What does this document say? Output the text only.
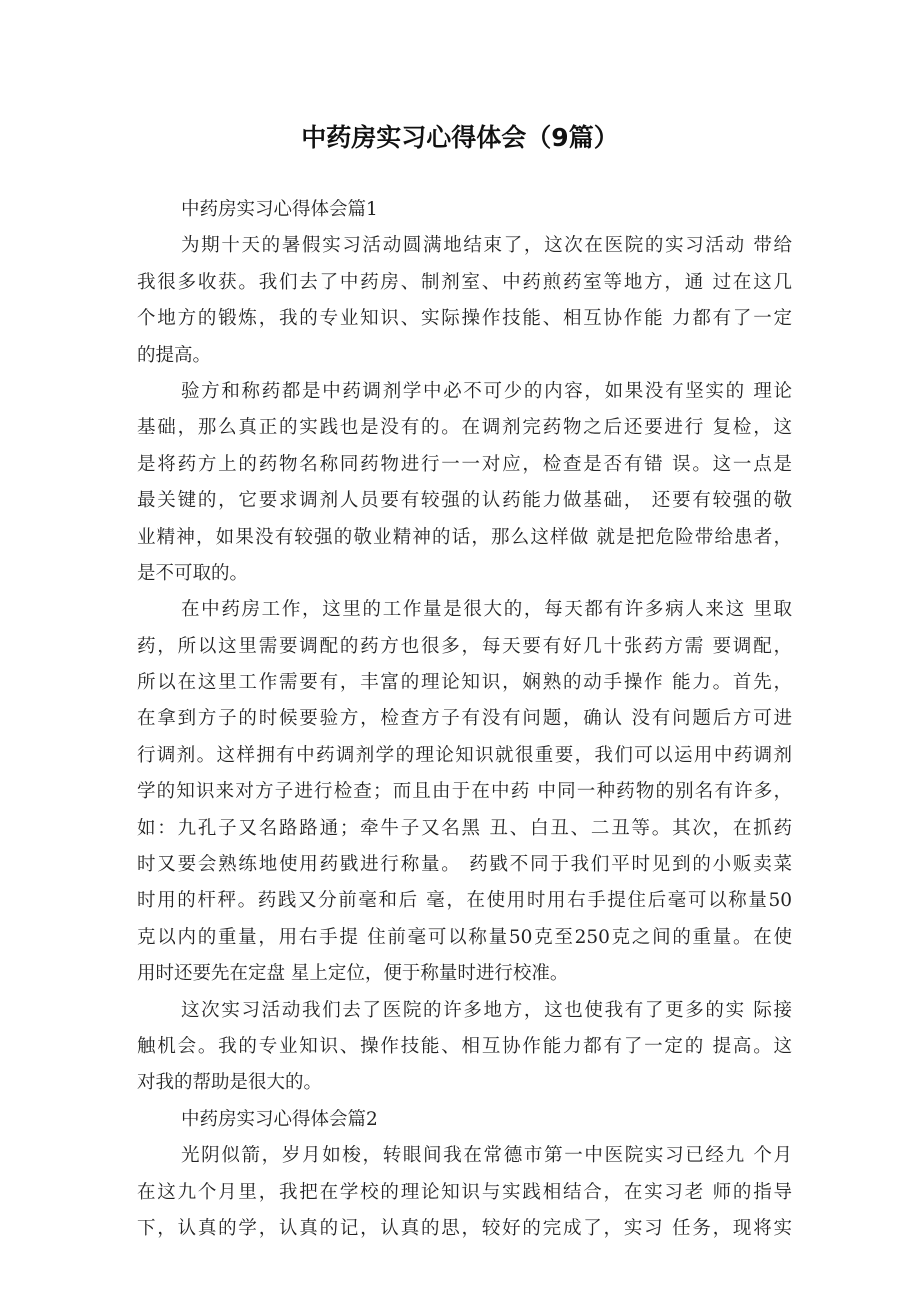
中药房实习心得体会（9篇）
中药房实习心得体会篇1
为期十天的暑假实习活动圆满地结束了，这次在医院的实习活动 带给
我很多收获。我们去了中药房、制剂室、中药煎药室等地方，通 过在这几
个地方的锻炼，我的专业知识、实际操作技能、相互协作能 力都有了一定
的提高。
验方和称药都是中药调剂学中必不可少的内容，如果没有坚实的 理论
基础，那么真正的实践也是没有的。在调剂完药物之后还要进行 复检，这
是将药方上的药物名称同药物进行一一对应，检查是否有错 误。这一点是
最关键的，它要求调剂人员要有较强的认药能力做基础， 还要有较强的敬
业精神，如果没有较强的敬业精神的话，那么这样做 就是把危险带给患者，
是不可取的。
在中药房工作，这里的工作量是很大的，每天都有许多病人来这 里取
药，所以这里需要调配的药方也很多，每天要有好几十张药方需 要调配，
所以在这里工作需要有，丰富的理论知识，娴熟的动手操作 能力。首先，
在拿到方子的时候要验方，检查方子有没有问题，确认 没有问题后方可进
行调剂。这样拥有中药调剂学的理论知识就很重要，我们可以运用中药调剂
学的知识来对方子进行检查；而且由于在中药 中同一种药物的别名有许多，
如：九孔子又名路路通；牵牛子又名黑 丑、白丑、二丑等。其次，在抓药
时又要会熟练地使用药戥进行称量。 药戥不同于我们平时见到的小贩卖菜
时用的杆秤。药践又分前毫和后 毫，在使用时用右手提住后毫可以称量50
克以内的重量，用右手提 住前毫可以称量50克至250克之间的重量。在使
用时还要先在定盘 星上定位，便于称量时进行校准。
这次实习活动我们去了医院的许多地方，这也使我有了更多的实 际接
触机会。我的专业知识、操作技能、相互协作能力都有了一定的 提高。这
对我的帮助是很大的。
中药房实习心得体会篇2
光阴似箭，岁月如梭，转眼间我在常德市第一中医院实习已经九 个月
在这九个月里，我把在学校的理论知识与实践相结合，在实习老 师的指导
下，认真的学，认真的记，认真的思，较好的完成了，实习 任务，现将实
